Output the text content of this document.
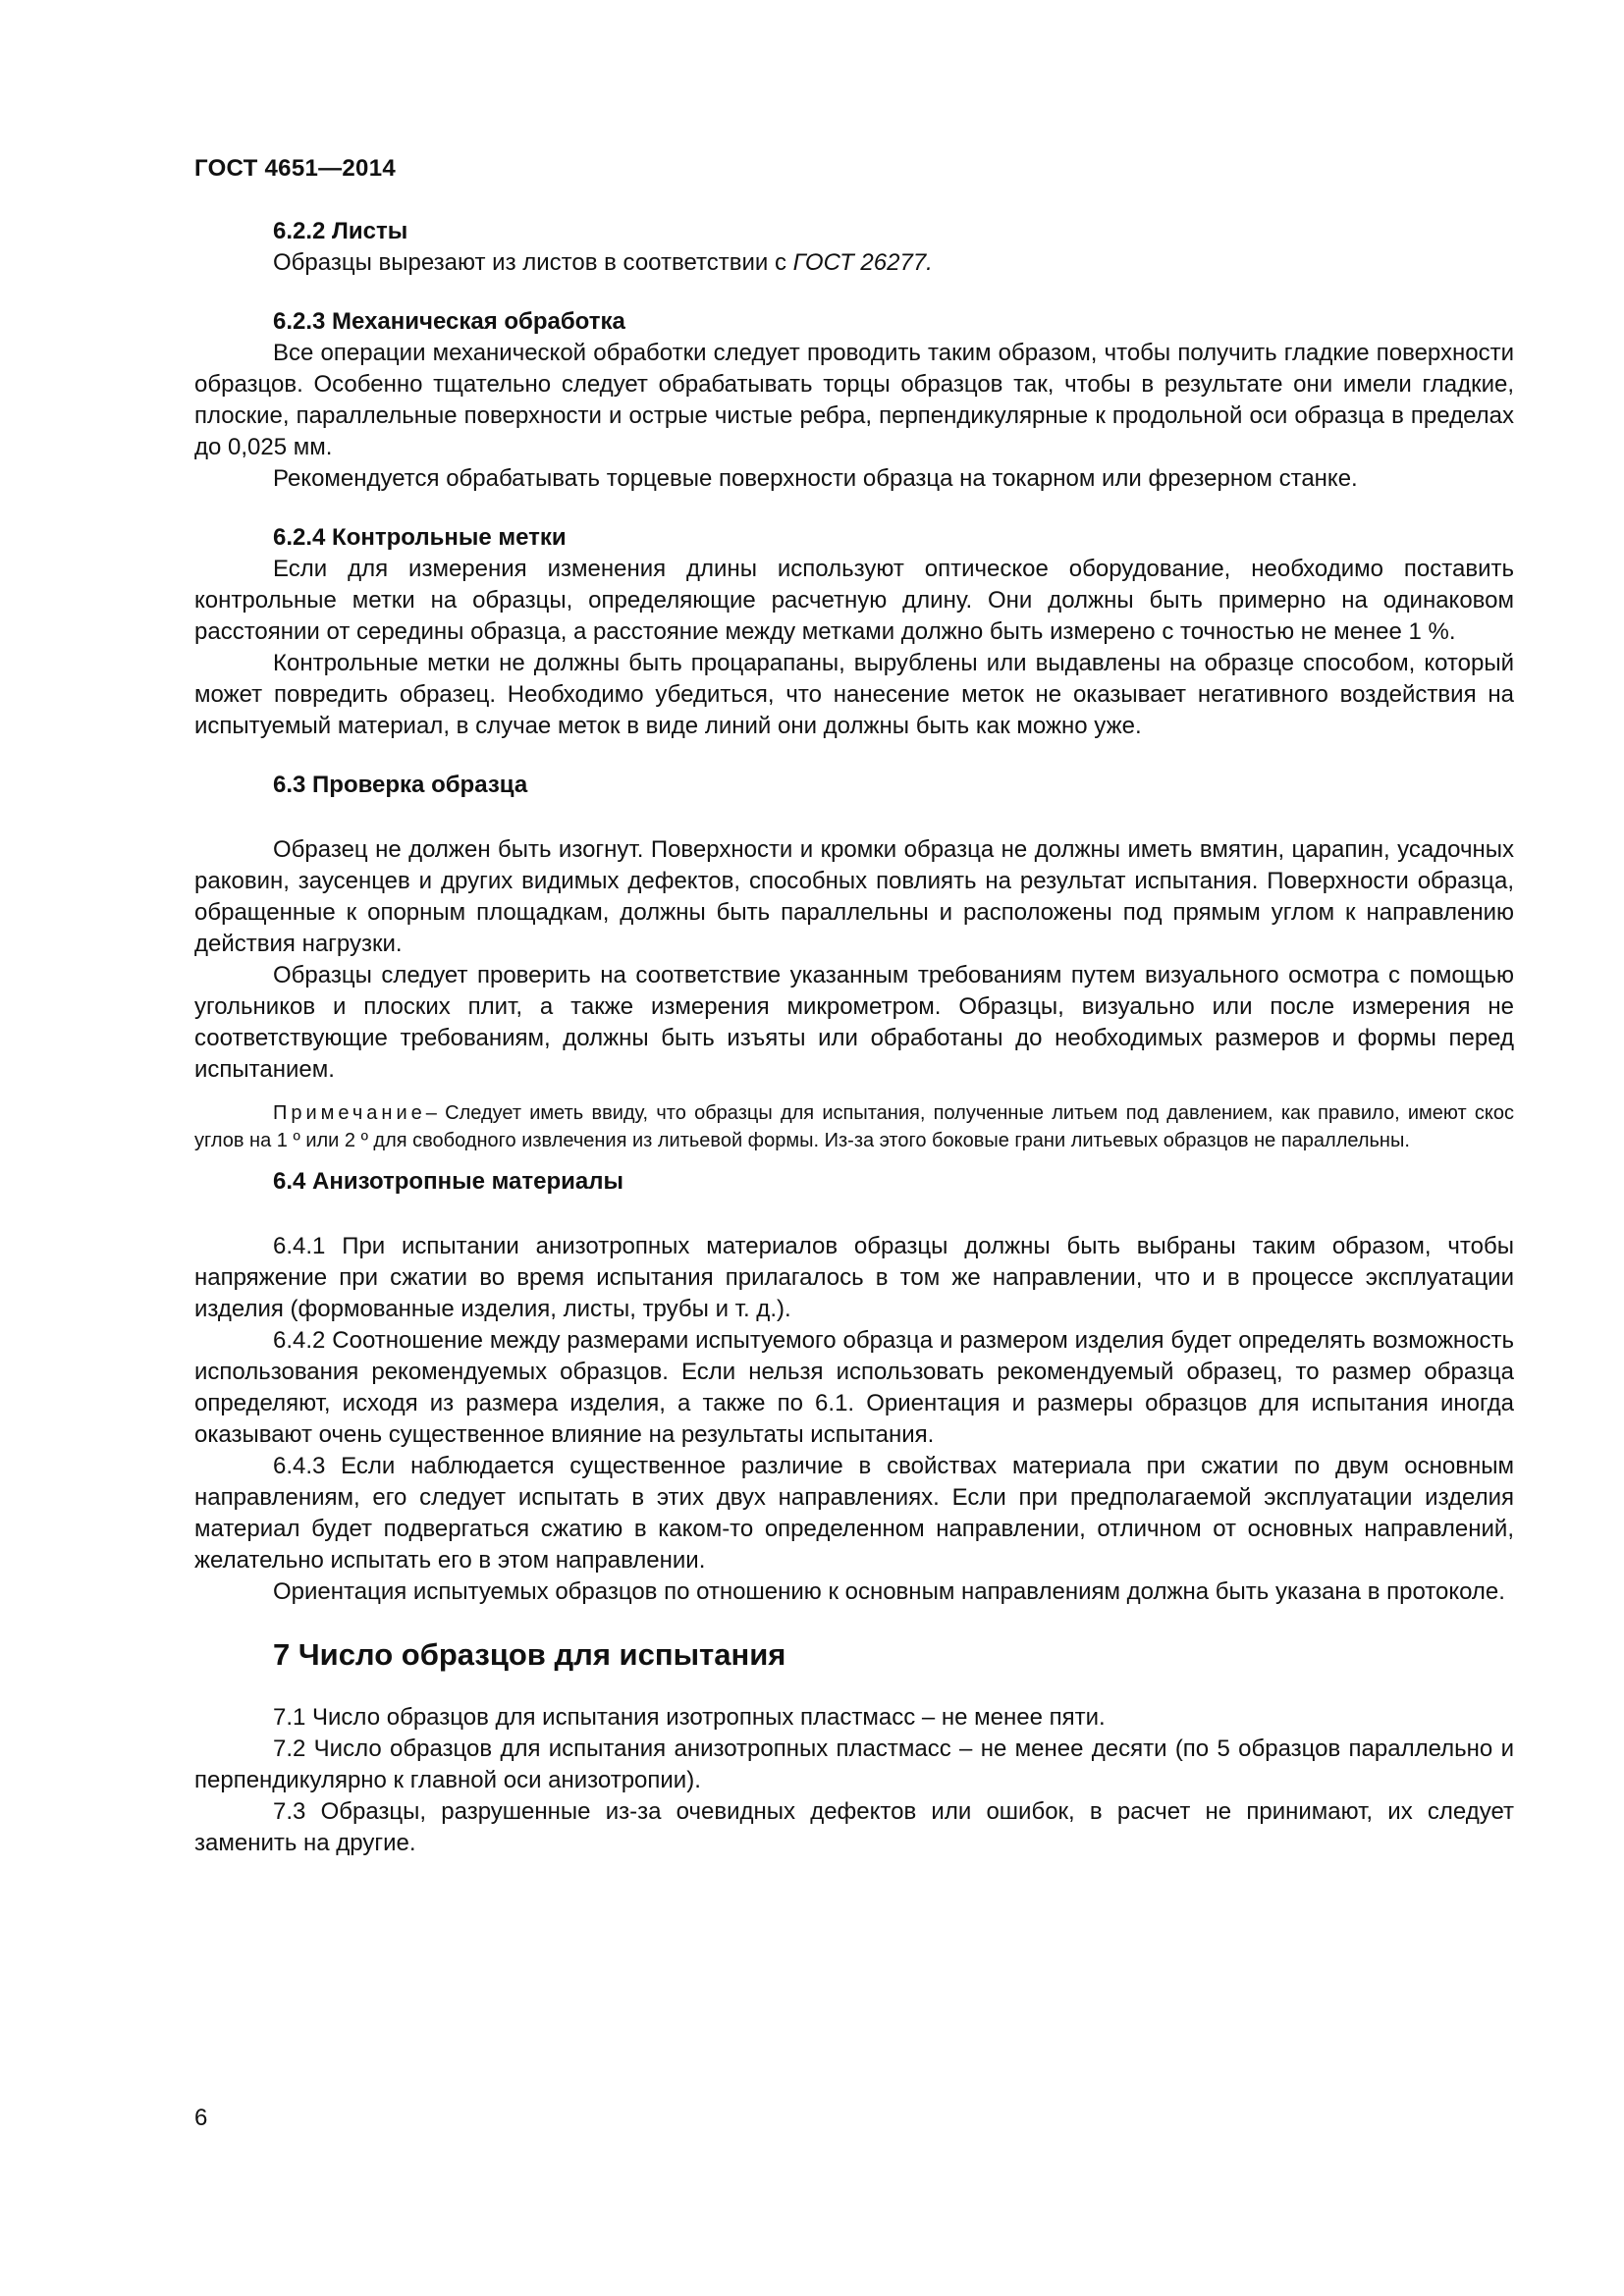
ГОСТ 4651—2014

6.2.2 Листы

Образцы вырезают из листов в соответствии с ГОСТ 26277.

6.2.3 Механическая обработка

Все операции механической обработки следует проводить таким образом, чтобы получить гладкие поверхности образцов. Особенно тщательно следует обрабатывать торцы образцов так, чтобы в результате они имели гладкие, плоские, параллельные поверхности и острые чистые ребра, перпендикулярные к продольной оси образца в пределах до 0,025 мм.

Рекомендуется обрабатывать торцевые поверхности образца на токарном или фрезерном станке.

6.2.4 Контрольные метки

Если для измерения изменения длины используют оптическое оборудование, необходимо поставить контрольные метки на образцы, определяющие расчетную длину. Они должны быть примерно на одинаковом расстоянии от середины образца, а расстояние между метками должно быть измерено с точностью не менее 1 %.

Контрольные метки не должны быть процарапаны, вырублены или выдавлены на образце способом, который может повредить образец. Необходимо убедиться, что нанесение меток не оказывает негативного воздействия на испытуемый материал, в случае меток в виде линий они должны быть как можно уже.

6.3 Проверка образца

Образец не должен быть изогнут. Поверхности и кромки образца не должны иметь вмятин, царапин, усадочных раковин, заусенцев и других видимых дефектов, способных повлиять на результат испытания. Поверхности образца, обращенные к опорным площадкам, должны быть параллельны и расположены под прямым углом к направлению действия нагрузки.

Образцы следует проверить на соответствие указанным требованиям путем визуального осмотра с помощью угольников и плоских плит, а также измерения микрометром. Образцы, визуально или после измерения не соответствующие требованиям, должны быть изъяты или обработаны до необходимых размеров и формы перед испытанием.

Примечание– Следует иметь ввиду, что образцы для испытания, полученные литьем под давлением, как правило, имеют скос углов на 1 º или 2 º для свободного извлечения из литьевой формы. Из-за этого боковые грани литьевых образцов не параллельны.

6.4 Анизотропные материалы

6.4.1 При испытании анизотропных материалов образцы должны быть выбраны таким образом, чтобы напряжение при сжатии во время испытания прилагалось в том же направлении, что и в процессе эксплуатации изделия (формованные изделия, листы, трубы и т. д.).

6.4.2 Соотношение между размерами испытуемого образца и размером изделия будет определять возможность использования рекомендуемых образцов. Если нельзя использовать рекомендуемый образец, то размер образца определяют, исходя из размера изделия, а также по 6.1. Ориентация и размеры образцов для испытания иногда оказывают очень существенное влияние на результаты испытания.

6.4.3 Если наблюдается существенное различие в свойствах материала при сжатии по двум основным направлениям, его следует испытать в этих двух направлениях. Если при предполагаемой эксплуатации изделия материал будет подвергаться сжатию в каком-то определенном направлении, отличном от основных направлений, желательно испытать его в этом направлении.

Ориентация испытуемых образцов по отношению к основным направлениям должна быть указана в протоколе.

7 Число образцов для испытания

7.1 Число образцов для испытания изотропных пластмасс – не менее пяти.

7.2 Число образцов для испытания анизотропных пластмасс – не менее десяти (по 5 образцов параллельно и перпендикулярно к главной оси анизотропии).

7.3 Образцы, разрушенные из-за очевидных дефектов или ошибок, в расчет не принимают, их следует заменить на другие.

6
